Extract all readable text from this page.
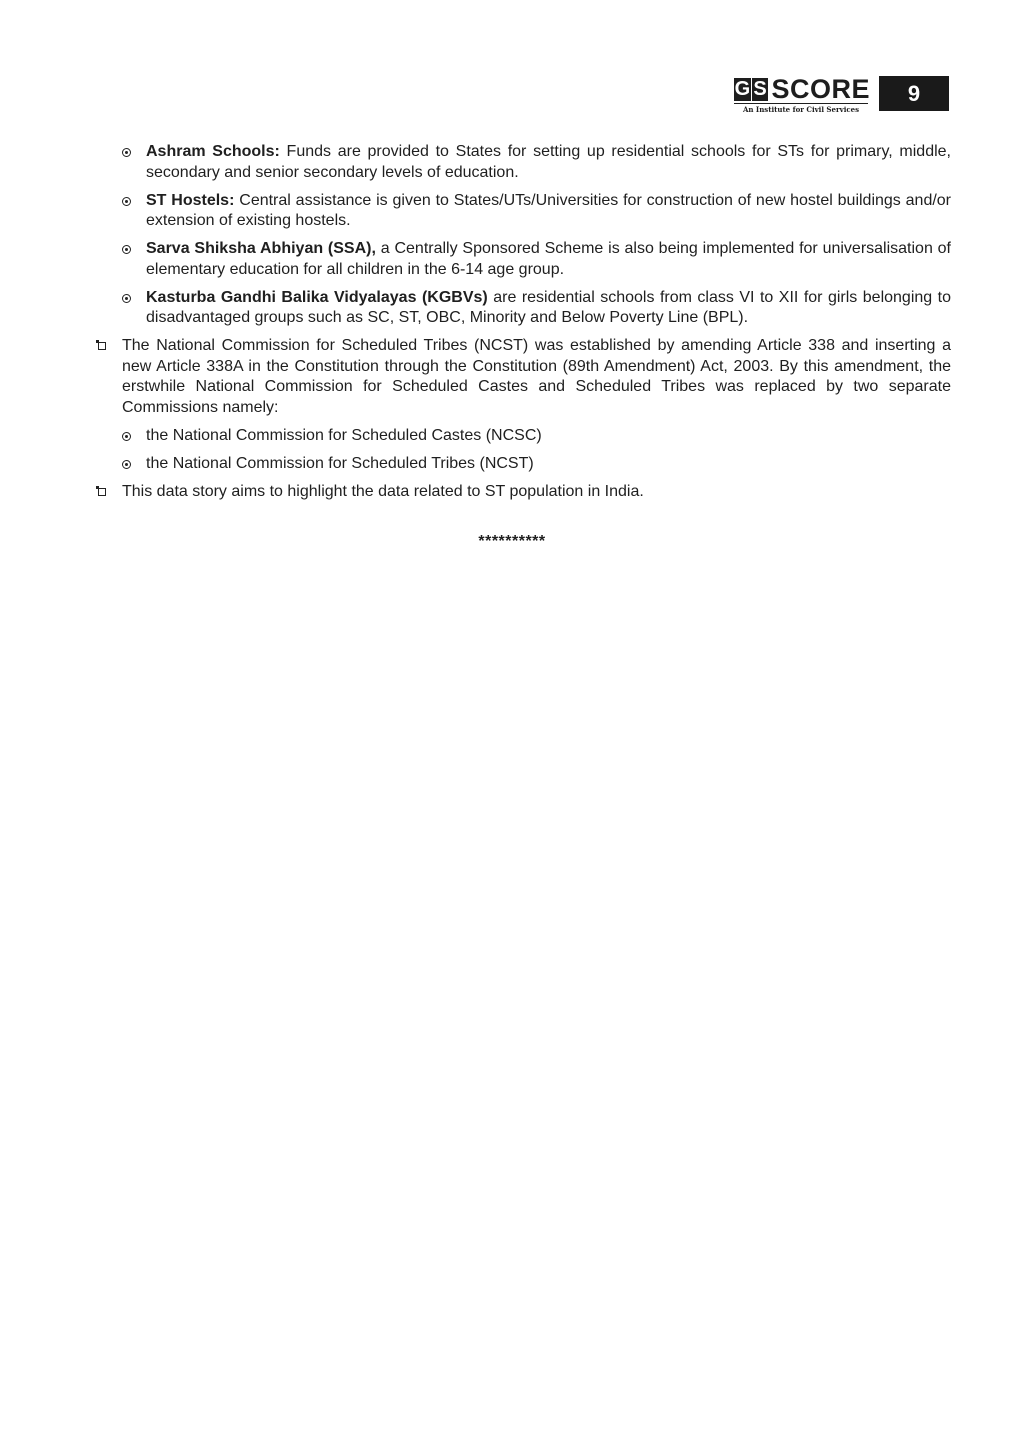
G S SCORE
An Institute for Civil Services
9
Ashram Schools: Funds are provided to States for setting up residential schools for STs for primary, middle, secondary and senior secondary levels of education.
ST Hostels: Central assistance is given to States/UTs/Universities for construction of new hostel buildings and/or extension of existing hostels.
Sarva Shiksha Abhiyan (SSA), a Centrally Sponsored Scheme is also being implemented for universalisation of elementary education for all children in the 6-14 age group.
Kasturba Gandhi Balika Vidyalayas (KGBVs) are residential schools from class VI to XII for girls belonging to disadvantaged groups such as SC, ST, OBC, Minority and Below Poverty Line (BPL).
The National Commission for Scheduled Tribes (NCST) was established by amending Article 338 and inserting a new Article 338A in the Constitution through the Constitution (89th Amendment) Act, 2003. By this amendment, the erstwhile National Commission for Scheduled Castes and Scheduled Tribes was replaced by two separate Commissions namely:
the National Commission for Scheduled Castes (NCSC)
the National Commission for Scheduled Tribes (NCST)
This data story aims to highlight the data related to ST population in India.
**********
